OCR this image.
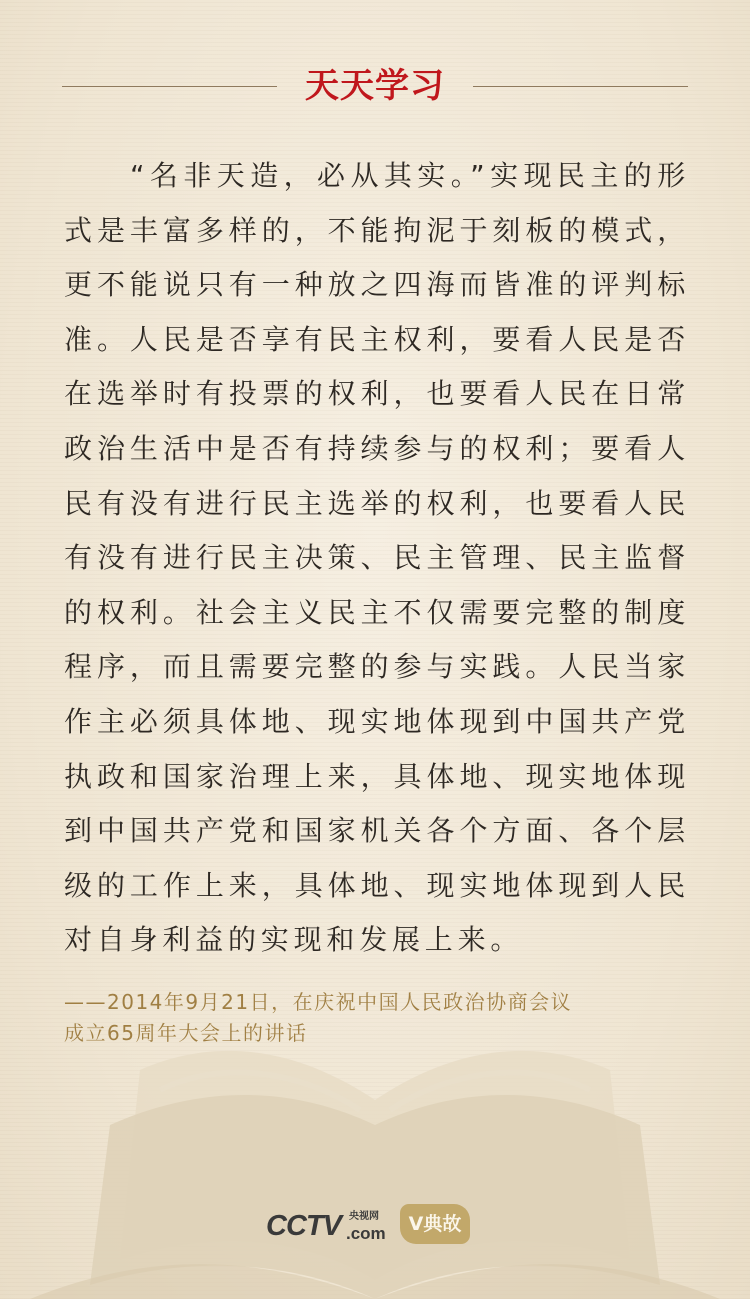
天天学习

“名非天造，必从其实。”实现民主的形式是丰富多样的，不能拘泥于刻板的模式，更不能说只有一种放之四海而皆准的评判标准。人民是否享有民主权利，要看人民是否在选举时有投票的权利，也要看人民在日常政治生活中是否有持续参与的权利；要看人民有没有进行民主选举的权利，也要看人民有没有进行民主决策、民主管理、民主监督的权利。社会主义民主不仅需要完整的制度程序，而且需要完整的参与实践。人民当家作主必须具体地、现实地体现到中国共产党执政和国家治理上来，具体地、现实地体现到中国共产党和国家机关各个方面、各个层级的工作上来，具体地、现实地体现到人民对自身利益的实现和发展上来。

——2014年9月21日，在庆祝中国人民政治协商会议
成立65周年大会上的讲话
CCTV 央视网
.com	V典故
